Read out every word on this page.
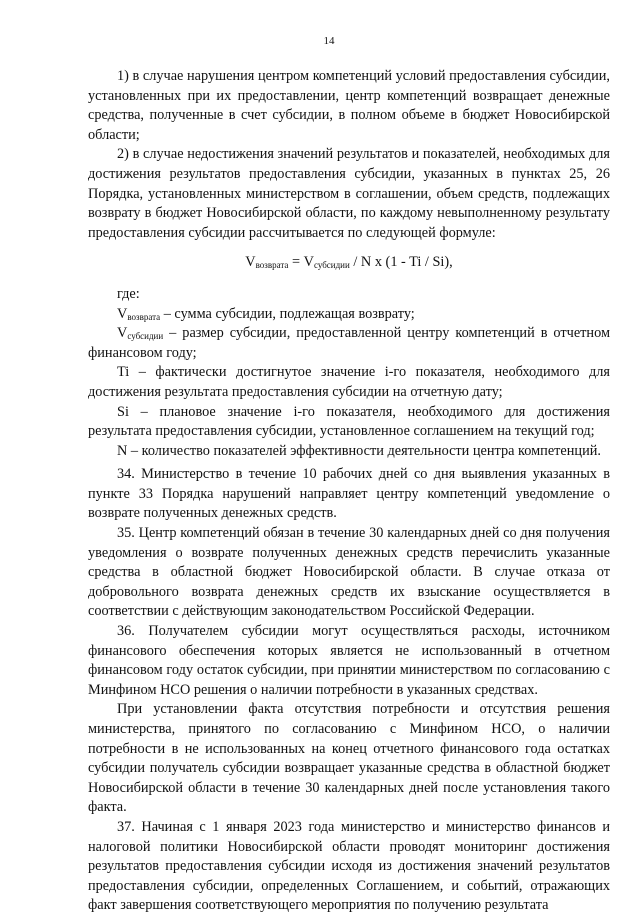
14

1) в случае нарушения центром компетенций условий предоставления субсидии, установленных при их предоставлении, центр компетенций возвращает денежные средства, полученные в счет субсидии, в полном объеме в бюджет Новосибирской области;

2) в случае недостижения значений результатов и показателей, необходимых для достижения результатов предоставления субсидии, указанных в пунктах 25, 26 Порядка, установленных министерством в соглашении, объем средств, подлежащих возврату в бюджет Новосибирской области, по каждому невыполненному результату предоставления субсидии рассчитывается по следующей формуле:

$V_{возврата} = V_{субсидии} / N$ x (1 - Ti / Si),

где:

$V_{возврата}$ – сумма субсидии, подлежащая возврату;

$V_{субсидии}$ – размер субсидии, предоставленной центру компетенций в отчетном финансовом году;

Ti – фактически достигнутое значение i-го показателя, необходимого для достижения результата предоставления субсидии на отчетную дату;

Si – плановое значение i-го показателя, необходимого для достижения результата предоставления субсидии, установленное соглашением на текущий год;

N – количество показателей эффективности деятельности центра компетенций.

34. Министерство в течение 10 рабочих дней со дня выявления указанных в пункте 33 Порядка нарушений направляет центру компетенций уведомление о возврате полученных денежных средств.

35. Центр компетенций обязан в течение 30 календарных дней со дня получения уведомления о возврате полученных денежных средств перечислить указанные средства в областной бюджет Новосибирской области. В случае отказа от добровольного возврата денежных средств их взыскание осуществляется в соответствии с действующим законодательством Российской Федерации.

36. Получателем субсидии могут осуществляться расходы, источником финансового обеспечения которых является не использованный в отчетном финансовом году остаток субсидии, при принятии министерством по согласованию с Минфином НСО решения о наличии потребности в указанных средствах.

При установлении факта отсутствия потребности и отсутствия решения министерства, принятого по согласованию с Минфином НСО, о наличии потребности в не использованных на конец отчетного финансового года остатках субсидии получатель субсидии возвращает указанные средства в областной бюджет Новосибирской области в течение 30 календарных дней после установления такого факта.

37. Начиная с 1 января 2023 года министерство и министерство финансов и налоговой политики Новосибирской области проводят мониторинг достижения результатов предоставления субсидии исходя из достижения значений результатов предоставления субсидии, определенных Соглашением, и событий, отражающих факт завершения соответствующего мероприятия по получению результата
